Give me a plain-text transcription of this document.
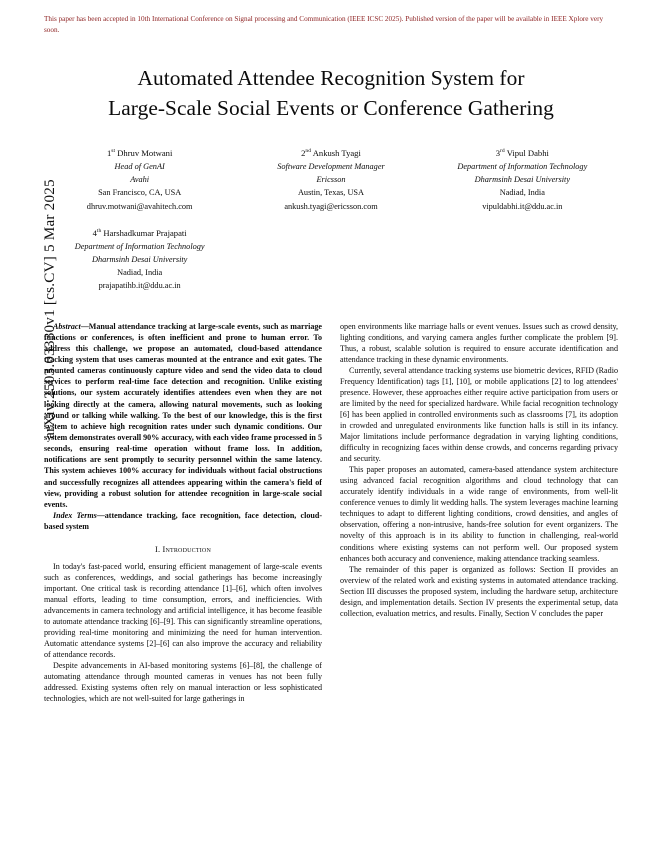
arXiv:2503.03330v1 [cs.CV] 5 Mar 2025
This paper has been accepted in 10th International Conference on Signal processing and Communication (IEEE ICSC 2025). Published version of the paper will be available in IEEE Xplore very soon.
Automated Attendee Recognition System for
Large-Scale Social Events or Conference Gathering
1st Dhruv Motwani
Head of GenAI
Avahi
San Francisco, CA, USA
dhruv.motwani@avahitech.com
2nd Ankush Tyagi
Software Development Manager
Ericsson
Austin, Texas, USA
ankush.tyagi@ericsson.com
3rd Vipul Dabhi
Department of Information Technology
Dharmsinh Desai University
Nadiad, India
vipuldabhi.it@ddu.ac.in
4th Harshadkumar Prajapati
Department of Information Technology
Dharmsinh Desai University
Nadiad, India
prajapatihb.it@ddu.ac.in

Abstract—Manual attendance tracking at large-scale events, such as marriage functions or conferences, is often inefficient and prone to human error. To address this challenge, we propose an automated, cloud-based attendance tracking system that uses cameras mounted at the entrance and exit gates. The mounted cameras continuously capture video and send the video data to cloud services to perform real-time face detection and recognition. Unlike existing solutions, our system accurately identifies attendees even when they are not looking directly at the camera, allowing natural movements, such as looking around or talking while walking. To the best of our knowledge, this is the first system to achieve high recognition rates under such dynamic conditions. Our system demonstrates overall 90% accuracy, with each video frame processed in 5 seconds, ensuring real-time operation without frame loss. In addition, notifications are sent promptly to security personnel within the same latency. This system achieves 100% accuracy for individuals without facial obstructions and successfully recognizes all attendees appearing within the camera's field of view, providing a robust solution for attendee recognition in large-scale social events.

Index Terms—attendance tracking, face recognition, face detection, cloud-based system

I. Introduction

In today's fast-paced world, ensuring efficient management of large-scale events such as conferences, weddings, and social gatherings has become increasingly important. One critical task is recording attendance [1]–[6], which often involves manual efforts, leading to time consumption, errors, and inefficiencies. With advancements in camera technology and artificial intelligence, it has become feasible to automate attendance tracking [6]–[9]. This can significantly streamline operations, providing real-time monitoring and minimizing the need for human intervention. Automatic attendance systems [2]–[6] can also improve the accuracy and reliability of attendance records.

Despite advancements in AI-based monitoring systems [6]–[8], the challenge of automating attendance through mounted cameras in venues has not been fully addressed. Existing systems often rely on manual interaction or less sophisticated technologies, which are not well-suited for large gatherings in

open environments like marriage halls or event venues. Issues such as crowd density, lighting conditions, and varying camera angles further complicate the problem [9]. Thus, a robust, scalable solution is required to ensure accurate identification and attendance tracking in these dynamic environments.

Currently, several attendance tracking systems use biometric devices, RFID (Radio Frequency Identification) tags [1], [10], or mobile applications [2] to log attendees' presence. However, these approaches either require active participation from users or are limited by the need for specialized hardware. While facial recognition technology [6] has been applied in controlled environments such as classrooms [7], its adoption in crowded and unregulated environments like function halls is still in its infancy. Major limitations include performance degradation in varying lighting conditions, difficulty in recognizing faces within dense crowds, and concerns regarding privacy and security.

This paper proposes an automated, camera-based attendance system architecture using advanced facial recognition algorithms and cloud technology that can accurately identify individuals in a wide range of environments, from well-lit conference venues to dimly lit wedding halls. The system leverages machine learning techniques to adapt to different lighting conditions, crowd densities, and angles of observation, offering a non-intrusive, hands-free solution for event organizers. The novelty of this approach is in its ability to function in challenging, real-world conditions where existing systems can not perform well. Our proposed system enhances both accuracy and convenience, making attendance tracking seamless.

The remainder of this paper is organized as follows: Section II provides an overview of the related work and existing systems in automated attendance tracking. Section III discusses the proposed system, including the hardware setup, architecture design, and implementation details. Section IV presents the experimental setup, data collection, evaluation metrics, and results. Finally, Section V concludes the paper
